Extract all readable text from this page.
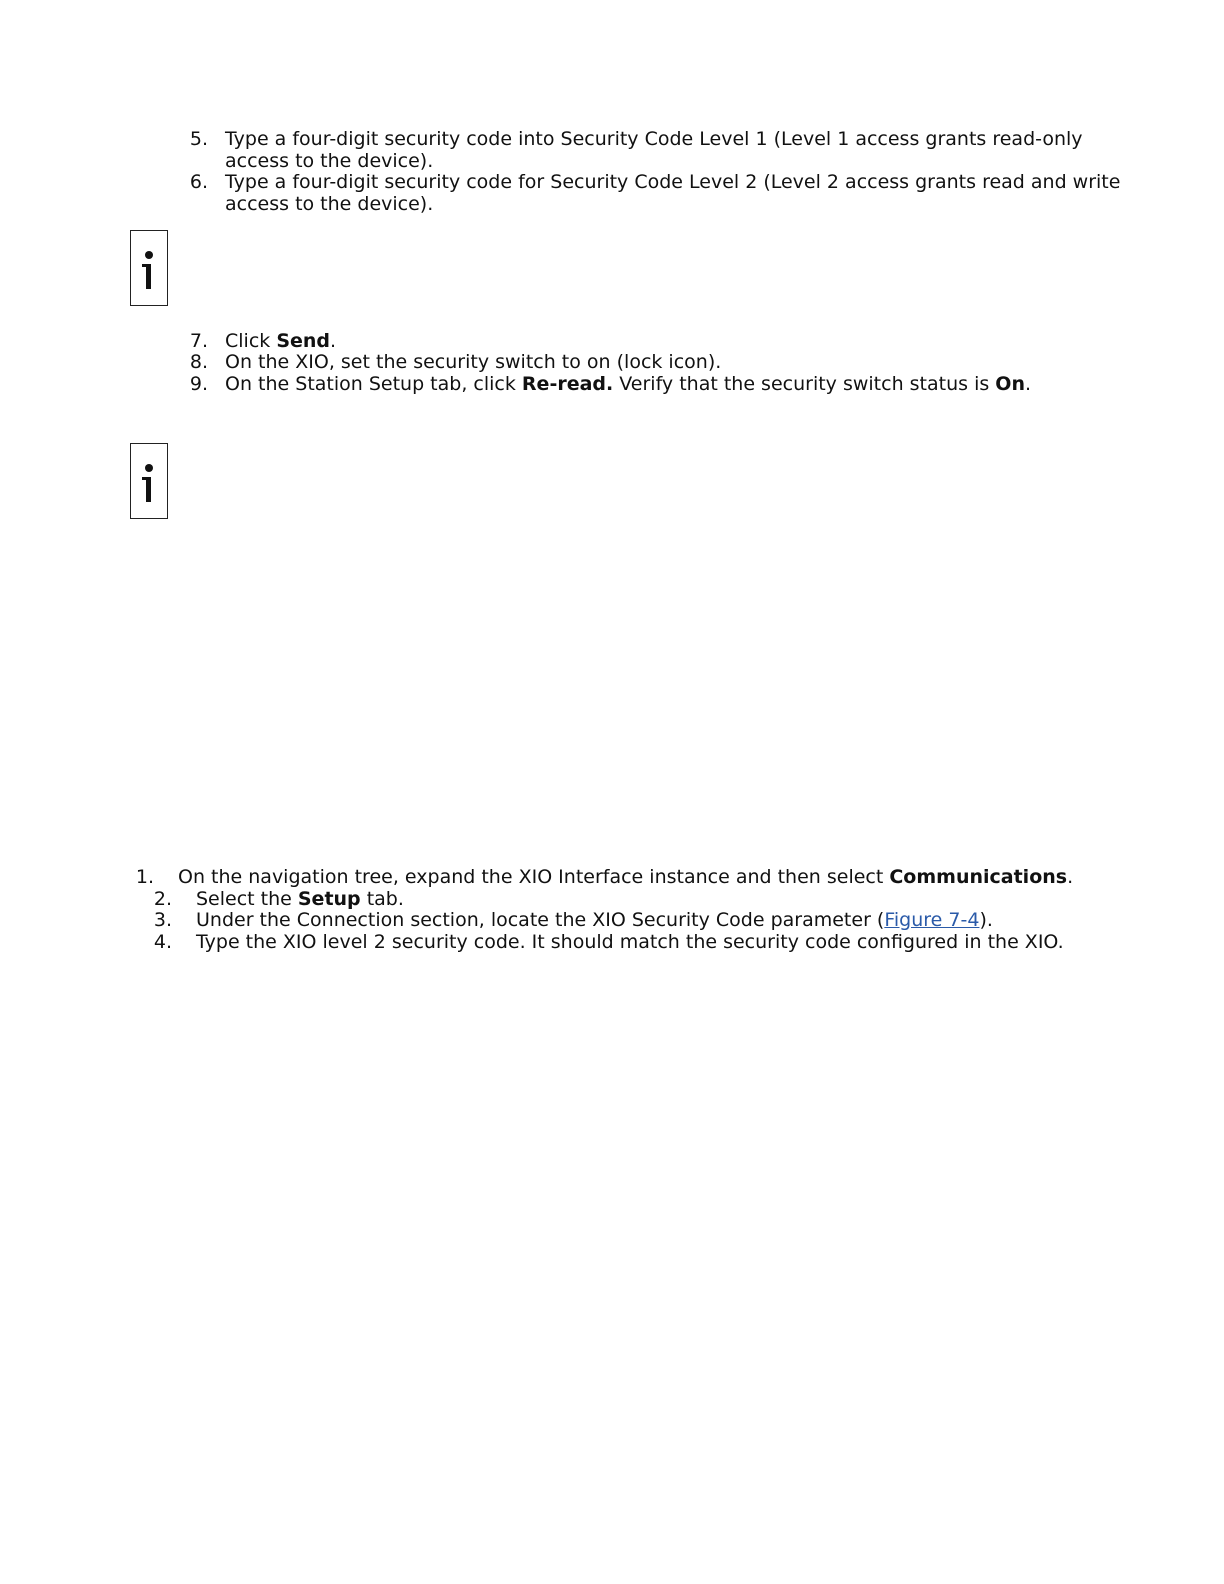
5. Type a four-digit security code into Security Code Level 1 (Level 1 access grants read-only
access to the device).
6. Type a four-digit security code for Security Code Level 2 (Level 2 access grants read and write
access to the device).
7. Click Send.
8. On the XIO, set the security switch to on (lock icon).
9. On the Station Setup tab, click Re-read. Verify that the security switch status is On.
1. On the navigation tree, expand the XIO Interface instance and then select Communications.
2. Select the Setup tab.
3. Under the Connection section, locate the XIO Security Code parameter (Figure 7-4).
4. Type the XIO level 2 security code. It should match the security code configured in the XIO.
